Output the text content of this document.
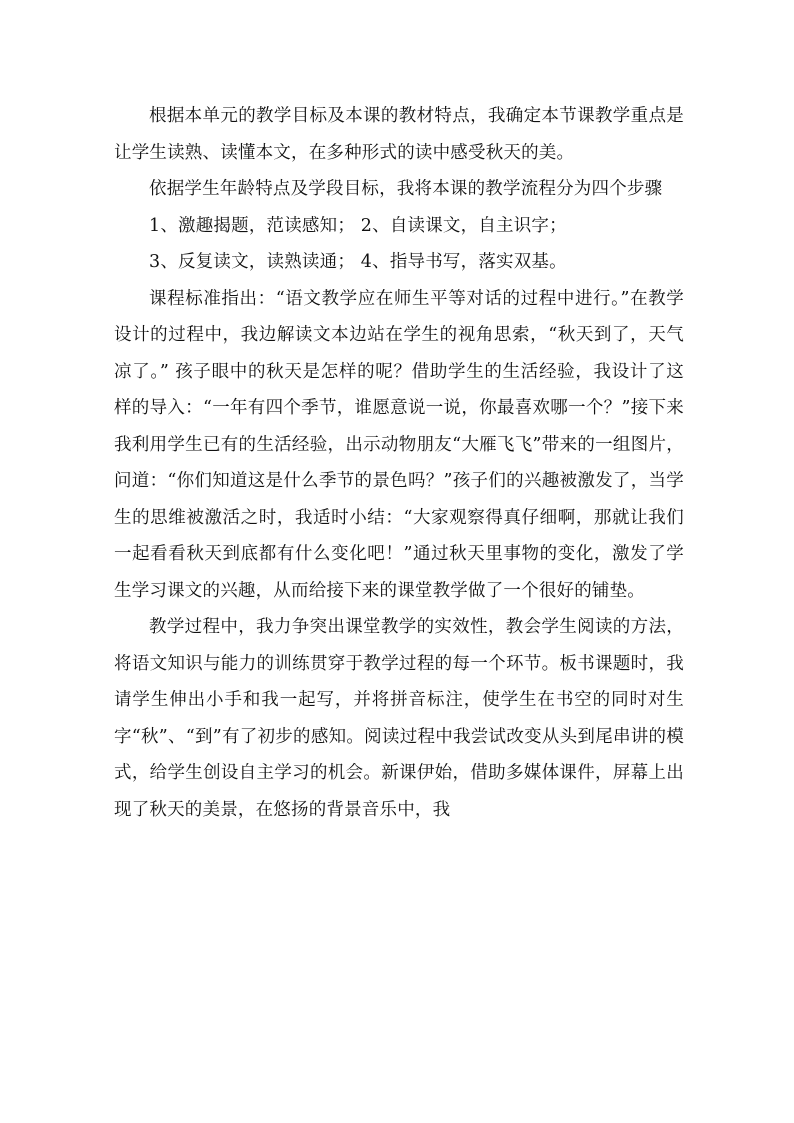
根据本单元的教学目标及本课的教材特点，我确定本节课教学重点是让学生读熟、读懂本文，在多种形式的读中感受秋天的美。

依据学生年龄特点及学段目标，我将本课的教学流程分为四个步骤

1、激趣揭题，范读感知； 2、自读课文，自主识字；

3、反复读文，读熟读通； 4、指导书写，落实双基。

课程标准指出：“语文教学应在师生平等对话的过程中进行。”在教学设计的过程中，我边解读文本边站在学生的视角思索，“秋天到了，天气凉了。” 孩子眼中的秋天是怎样的呢？借助学生的生活经验，我设计了这样的导入：“一年有四个季节，谁愿意说一说，你最喜欢哪一个？”接下来我利用学生已有的生活经验，出示动物朋友“大雁飞飞”带来的一组图片，问道：“你们知道这是什么季节的景色吗？”孩子们的兴趣被激发了，当学生的思维被激活之时，我适时小结：“大家观察得真仔细啊，那就让我们一起看看秋天到底都有什么变化吧！”通过秋天里事物的变化，激发了学生学习课文的兴趣，从而给接下来的课堂教学做了一个很好的铺垫。

教学过程中，我力争突出课堂教学的实效性，教会学生阅读的方法，将语文知识与能力的训练贯穿于教学过程的每一个环节。板书课题时，我请学生伸出小手和我一起写，并将拼音标注，使学生在书空的同时对生字“秋”、“到”有了初步的感知。阅读过程中我尝试改变从头到尾串讲的模式，给学生创设自主学习的机会。新课伊始，借助多媒体课件，屏幕上出现了秋天的美景，在悠扬的背景音乐中，我
